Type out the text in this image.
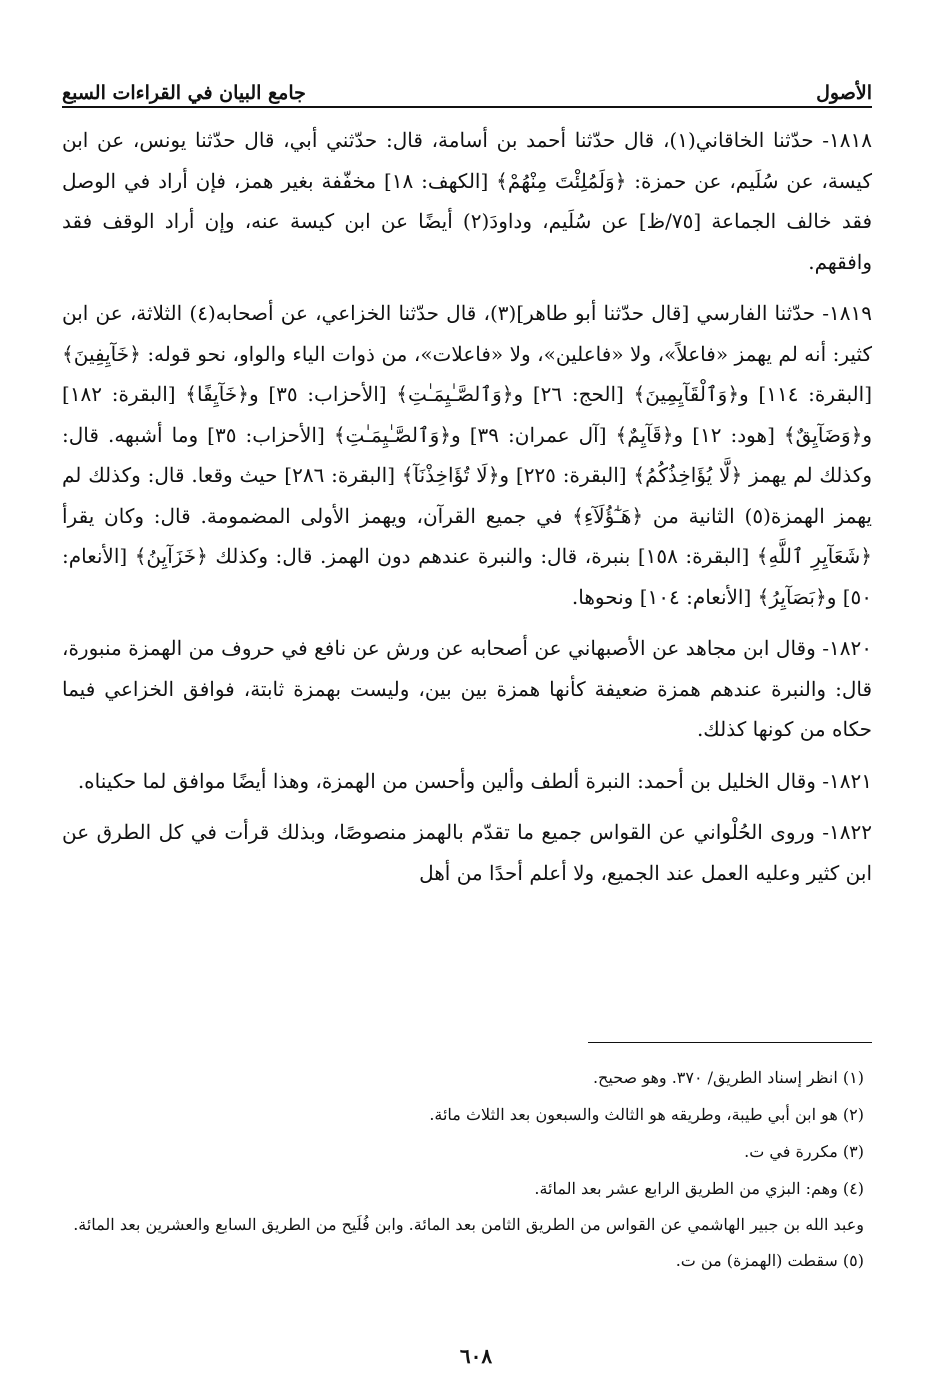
الأصول
جامع البيان في القراءات السبع

١٨١٨- حدّثنا الخاقاني(١)، قال حدّثنا أحمد بن أسامة، قال: حدّثني أبي، قال حدّثنا يونس، عن ابن كيسة، عن سُلَيم، عن حمزة: ﴿وَلَمُلِئْتَ مِنْهُمْ﴾ [الكهف: ١٨] مخفّفة بغير همز، فإن أراد في الوصل فقد خالف الجماعة [٧٥/ظ] عن سُلَيم، وداودَ(٢) أيضًا عن ابن كيسة عنه، وإن أراد الوقف فقد وافقهم.

١٨١٩- حدّثنا الفارسي [قال حدّثنا أبو طاهر](٣)، قال حدّثنا الخزاعي، عن أصحابه(٤) الثلاثة، عن ابن كثير: أنه لم يهمز «فاعلاً»، ولا «فاعلين»، ولا «فاعلات»، من ذوات الياء والواو، نحو قوله: ﴿خَآيِفِينَ﴾ [البقرة: ١١٤] و﴿وَٱلْقَآيِمِينَ﴾ [الحج: ٢٦] و﴿وَٱلصَّـٰيِمَـٰتِ﴾ [الأحزاب: ٣٥] و﴿خَآيِفًا﴾ [البقرة: ١٨٢] و﴿وَضَآيِقٌ﴾ [هود: ١٢] و﴿قَآيِمٌ﴾ [آل عمران: ٣٩] و﴿وَٱلصَّـٰيِمَـٰتِ﴾ [الأحزاب: ٣٥] وما أشبهه. قال: وكذلك لم يهمز ﴿لَّا يُؤَاخِذُكُمُ﴾ [البقرة: ٢٢٥] و﴿لَا تُؤَاخِذْنَآ﴾ [البقرة: ٢٨٦] حيث وقعا. قال: وكذلك لم يهمز الهمزة(٥) الثانية من ﴿هَـٰٓؤُلَآءِ﴾ في جميع القرآن، ويهمز الأولى المضمومة. قال: وكان يقرأ ﴿شَعَآيِرِ ٱللَّهِ﴾ [البقرة: ١٥٨] بنبرة، قال: والنبرة عندهم دون الهمز. قال: وكذلك ﴿خَزَآيِنُ﴾ [الأنعام: ٥٠] و﴿بَصَآيِرُ﴾ [الأنعام: ١٠٤] ونحوها.

١٨٢٠- وقال ابن مجاهد عن الأصبهاني عن أصحابه عن ورش عن نافع في حروف من الهمزة منبورة، قال: والنبرة عندهم همزة ضعيفة كأنها همزة بين بين، وليست بهمزة ثابتة، فوافق الخزاعي فيما حكاه من كونها كذلك.

١٨٢١- وقال الخليل بن أحمد: النبرة ألطف وألين وأحسن من الهمزة، وهذا أيضًا موافق لما حكيناه.

١٨٢٢- وروى الحُلْواني عن القواس جميع ما تقدّم بالهمز منصوصًا، وبذلك قرأت في كل الطرق عن ابن كثير وعليه العمل عند الجميع، ولا أعلم أحدًا من أهل

(١) انظر إسناد الطريق/ ٣٧٠. وهو صحيح.

(٢) هو ابن أبي طيبة، وطريقه هو الثالث والسبعون بعد الثلاث مائة.

(٣) مكررة في ت.

(٤) وهم: البزي من الطريق الرابع عشر بعد المائة.

وعبد الله بن جبير الهاشمي عن القواس من الطريق الثامن بعد المائة. وابن فُلَيح من الطريق السابع والعشرين بعد المائة.

(٥) سقطت (الهمزة) من ت.

٦٠٨
